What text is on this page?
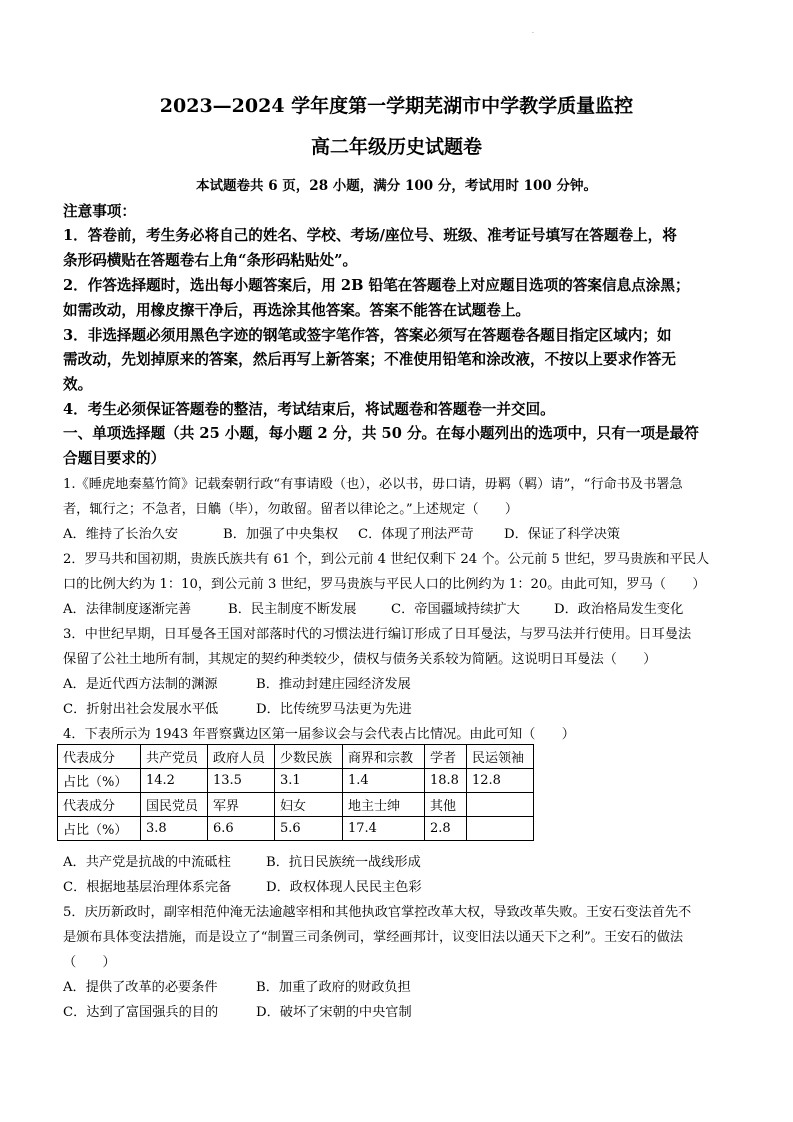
·
2023—2024 学年度第一学期芜湖市中学教学质量监控
高二年级历史试题卷
本试题卷共 6 页，28 小题，满分 100 分，考试用时 100 分钟。
注意事项：
1．答卷前，考生务必将自己的姓名、学校、考场/座位号、班级、准考证号填写在答题卷上，将
条形码横贴在答题卷右上角“条形码粘贴处”。
2．作答选择题时，选出每小题答案后，用 2B 铅笔在答题卷上对应题目选项的答案信息点涂黑；
如需改动，用橡皮擦干净后，再选涂其他答案。答案不能答在试题卷上。
3．非选择题必须用黑色字迹的钢笔或签字笔作答，答案必须写在答题卷各题目指定区域内；如
需改动，先划掉原来的答案，然后再写上新答案；不准使用铅笔和涂改液，不按以上要求作答无
效。
4．考生必须保证答题卷的整洁，考试结束后，将试题卷和答题卷一并交回。
一、单项选择题（共 25 小题，每小题 2 分，共 50 分。在每小题列出的选项中，只有一项是最符
合题目要求的）
1.《睡虎地秦墓竹简》记载秦朝行政“有事请殴（也），必以书，毋口请，毋羁（羁）请”，“行命书及书署急
者，辄行之；不急者，日觹（毕），勿敢留。留者以律论之。”上述规定（　　）
A．维持了长治久安	B．加强了中央集权 C．体现了刑法严苛 D．保证了科学决策
2．罗马共和国初期，贵族氏族共有 61 个，到公元前 4 世纪仅剩下 24 个。公元前 5 世纪，罗马贵族和平民人
口的比例大约为 1：10，到公元前 3 世纪，罗马贵族与平民人口的比例约为 1：20。由此可知，罗马（　　）
A．法律制度逐渐完善	B．民主制度不断发展	C．帝国疆域持续扩大	D．政治格局发生变化
3．中世纪早期，日耳曼各王国对部落时代的习惯法进行编订形成了日耳曼法，与罗马法并行使用。日耳曼法
保留了公社土地所有制，其规定的契约种类较少，债权与债务关系较为简陋。这说明日耳曼法（　　）
A．是近代西方法制的渊源	B．推动封建庄园经济发展
C．折射出社会发展水平低	D．比传统罗马法更为先进
4．下表所示为 1943 年晋察冀边区第一届参议会与会代表占比情况。由此可知（　　）
代表成分	共产党员	政府人员	少数民族	商界和宗教	学者	民运领袖
占比（%）	14.2	13.5	3.1	1.4	18.8	12.8
代表成分	国民党员	军界	妇女	地主士绅	其他	
占比（%）	3.8	6.6	5.6	17.4	2.8	
A．共产党是抗战的中流砥柱	B．抗日民族统一战线形成
C．根据地基层治理体系完备	D．政权体现人民民主色彩
5．庆历新政时，副宰相范仲淹无法逾越宰相和其他执政官掌控改革大权，导致改革失败。王安石变法首先不
是颁布具体变法措施，而是设立了“制置三司条例司，掌经画邦计，议变旧法以通天下之利”。王安石的做法
（　　）
A．提供了改革的必要条件	B．加重了政府的财政负担
C．达到了富国强兵的目的	D．破坏了宋朝的中央官制
